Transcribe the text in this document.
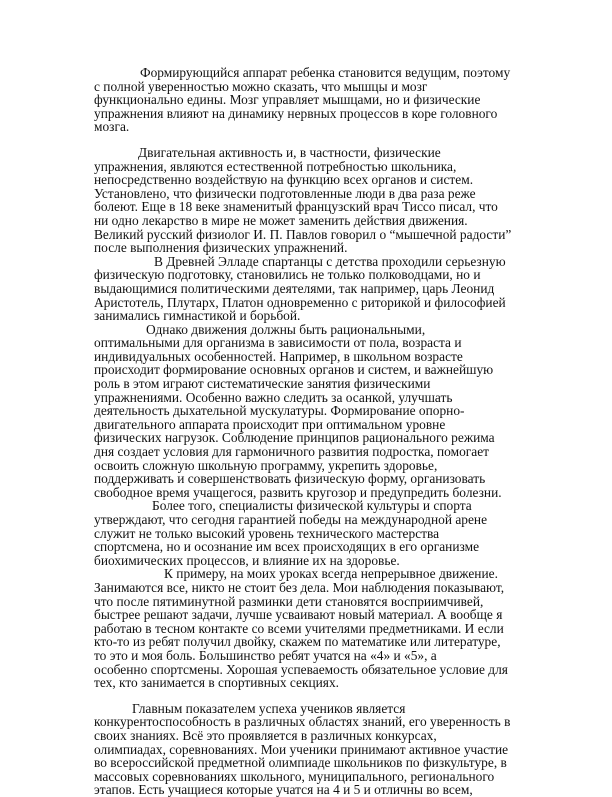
Формирующийся аппарат ребенка становится ведущим, поэтому
с полной уверенностью можно сказать, что мышцы и мозг
функционально едины. Мозг управляет мышцами, но и физические
упражнения влияют на динамику нервных процессов в коре головного
мозга.
Двигательная активность и, в частности, физические
упражнения, являются естественной потребностью школьника,
непосредственно воздействую на функцию всех органов и систем.
Установлено, что физически подготовленные люди в два раза реже
болеют. Еще в 18 веке знаменитый французский врач Тиссо писал, что
ни одно лекарство в мире не может заменить действия движения.
Великий русский физиолог И. П. Павлов говорил о “мышечной радости”
после выполнения физических упражнений.
В Древней Элладе спартанцы с детства проходили серьезную
физическую подготовку, становились не только полководцами, но и
выдающимися политическими деятелями, так например, царь Леонид
Аристотель, Плутарх, Платон одновременно с риторикой и философией
занимались гимнастикой и борьбой.
Однако движения должны быть рациональными,
оптимальными для организма в зависимости от пола, возраста и
индивидуальных особенностей. Например, в школьном возрасте
происходит формирование основных органов и систем, и важнейшую
роль в этом играют систематические занятия физическими
упражнениями. Особенно важно следить за осанкой, улучшать
деятельность дыхательной мускулатуры. Формирование опорно-
двигательного аппарата происходит при оптимальном уровне
физических нагрузок. Соблюдение принципов рационального режима
дня создает условия для гармоничного развития подростка, помогает
освоить сложную школьную программу, укрепить здоровье,
поддерживать и совершенствовать физическую форму, организовать
свободное время учащегося, развить кругозор и предупредить болезни.
Более того, специалисты физической культуры и спорта
утверждают, что сегодня гарантией победы на международной арене
служит не только высокий уровень технического мастерства
спортсмена, но и осознание им всех происходящих в его организме
биохимических процессов, и влияние их на здоровье.
К примеру, на моих уроках всегда непрерывное движение.
Занимаются все, никто не стоит без дела. Мои наблюдения показывают,
что после пятиминутной разминки дети становятся восприимчивей,
быстрее решают задачи, лучше усваивают новый материал. А вообще я
работаю в тесном контакте со всеми учителями предметниками. И если
кто-то из ребят получил двойку, скажем по математике или литературе,
то это и моя боль. Большинство ребят учатся на «4» и «5», а
особенно спортсмены. Хорошая успеваемость обязательное условие для
тех, кто занимается в спортивных секциях.
Главным показателем успеха учеников является
конкурентоспособность в различных областях знаний, его уверенность в
своих знаниях. Всё это проявляется в различных конкурсах,
олимпиадах, соревнованиях. Мои ученики принимают активное участие
во всероссийской предметной олимпиаде школьников по физкультуре, в
массовых соревнованиях школьного, муниципального, регионального
этапов. Есть учащиеся которые учатся на 4 и 5 и отличны во всем,
